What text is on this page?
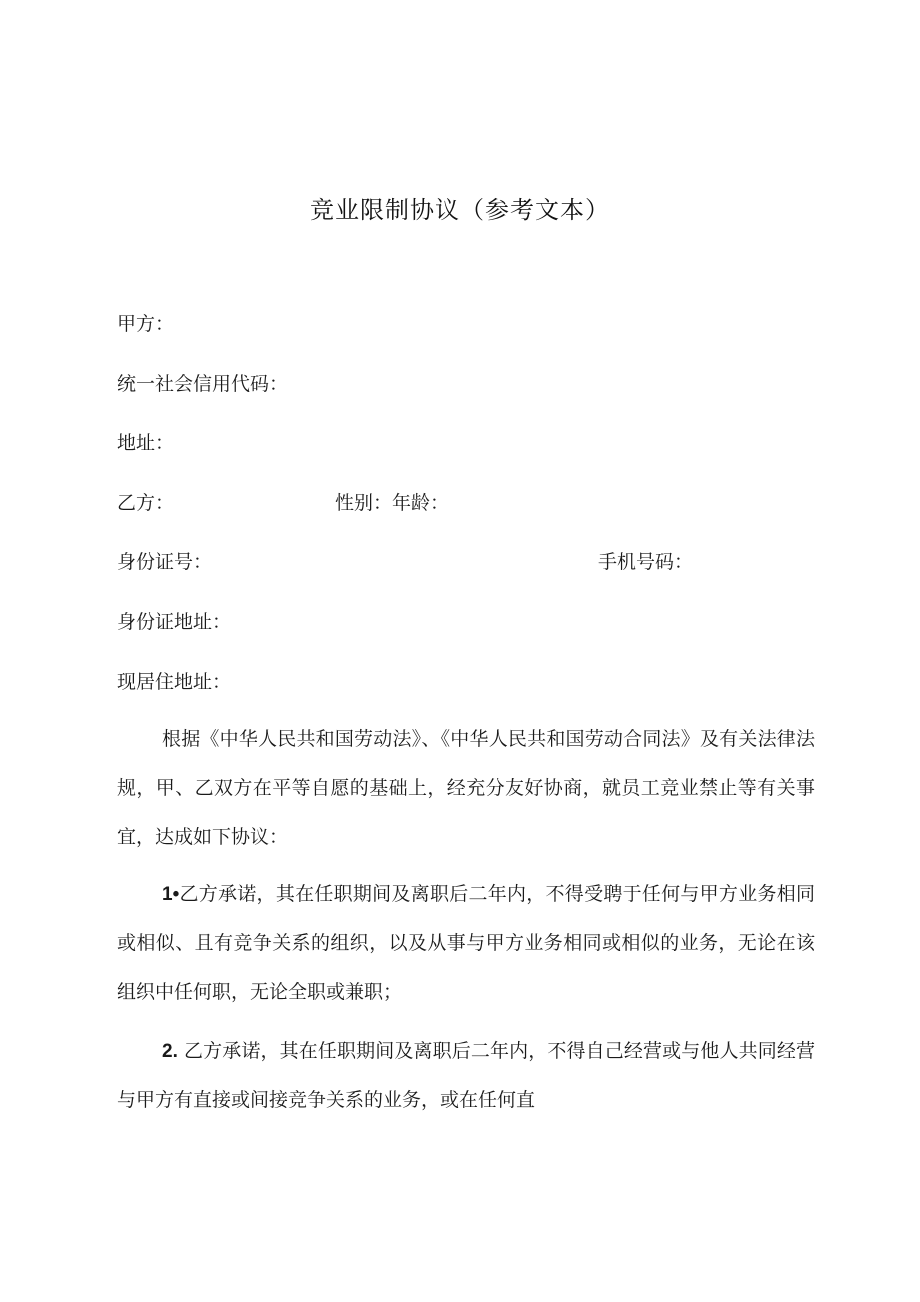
竞业限制协议（参考文本）
甲方：
统一社会信用代码：
地址：
乙方：	性别：年龄：
身份证号：	手机号码：
身份证地址：
现居住地址：
根据《中华人民共和国劳动法》、《中华人民共和国劳动合同法》及有关法律法规，甲、乙双方在平等自愿的基础上，经充分友好协商，就员工竞业禁止等有关事宜，达成如下协议：
1•乙方承诺，其在任职期间及离职后二年内，不得受聘于任何与甲方业务相同或相似、且有竞争关系的组织，以及从事与甲方业务相同或相似的业务，无论在该组织中任何职，无论全职或兼职；
2. 乙方承诺，其在任职期间及离职后二年内，不得自己经营或与他人共同经营与甲方有直接或间接竞争关系的业务，或在任何直
